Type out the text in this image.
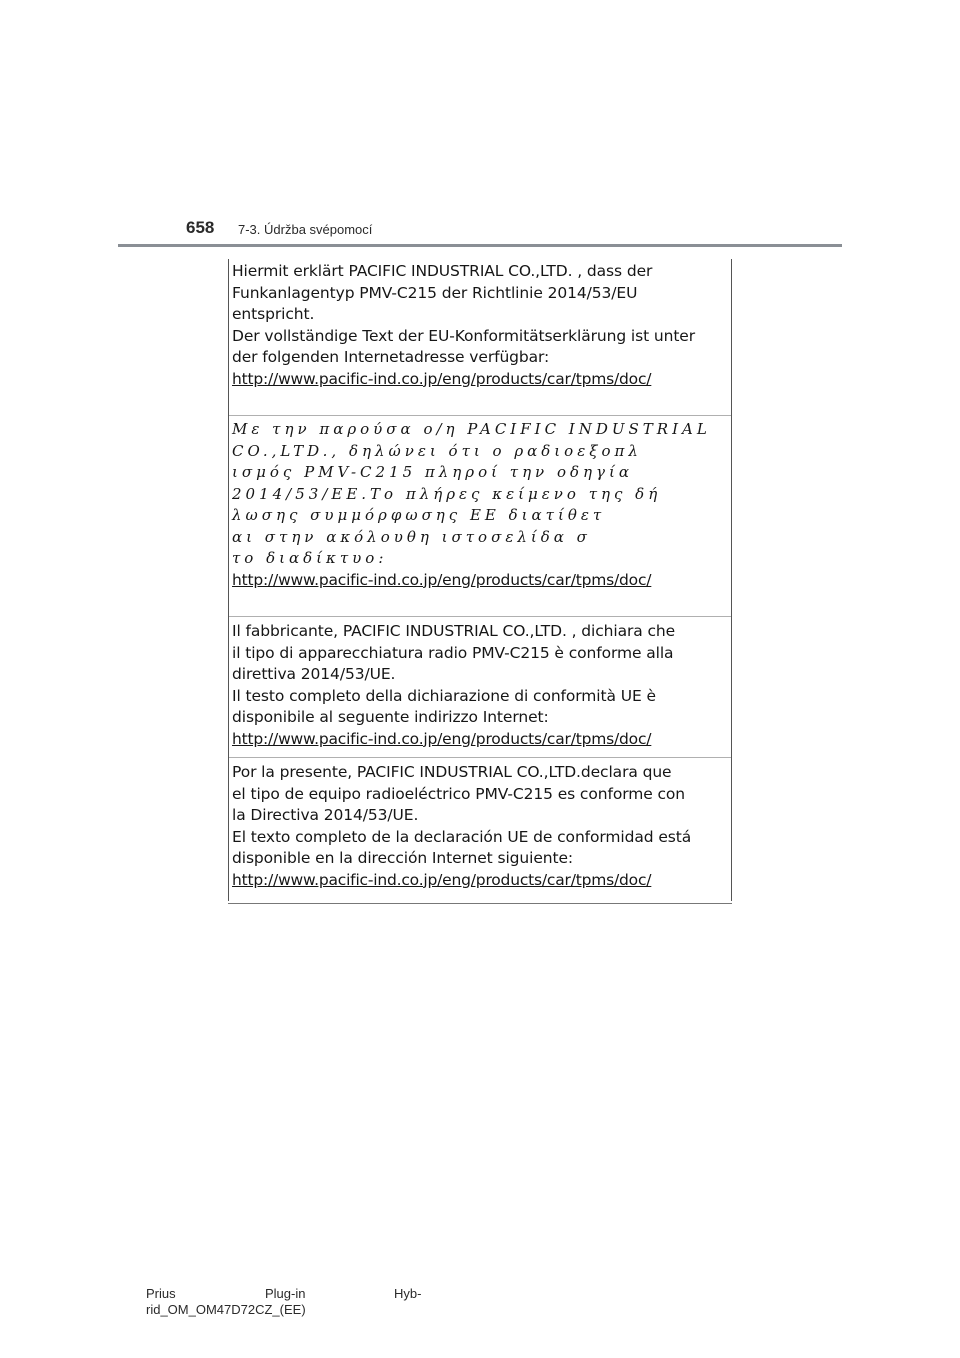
658 7-3. Údržba svépomocí
Hiermit erklärt PACIFIC INDUSTRIAL CO.,LTD. , dass der
Funkanlagentyp PMV-C215 der Richtlinie 2014/53/EU
entspricht.
Der vollständige Text der EU-Konformitätserklärung ist unter
der folgenden Internetadresse verfügbar:
http://www.pacific-ind.co.jp/eng/products/car/tpms/doc/
Με την παρούσα ο/η PACIFIC INDUSTRIAL
CO.,LTD., δηλώνει ότι ο ραδιοεξοπλ
ισμός PMV-C215 πληροί την οδηγία
2014/53/ΕΕ.Το πλήρες κείμενο της δή
λωσης συμμόρφωσης ΕΕ διατίθετ
αι στην ακόλουθη ιστοσελίδα σ
το διαδίκτυο:
http://www.pacific-ind.co.jp/eng/products/car/tpms/doc/
Il fabbricante, PACIFIC INDUSTRIAL CO.,LTD. , dichiara che
il tipo di apparecchiatura radio PMV-C215 è conforme alla
direttiva 2014/53/UE.
Il testo completo della dichiarazione di conformità UE è
disponibile al seguente indirizzo Internet:
http://www.pacific-ind.co.jp/eng/products/car/tpms/doc/
Por la presente, PACIFIC INDUSTRIAL CO.,LTD.declara que
el tipo de equipo radioeléctrico PMV-C215 es conforme con
la Directiva 2014/53/UE.
El texto completo de la declaración UE de conformidad está
disponible en la dirección Internet siguiente:
http://www.pacific-ind.co.jp/eng/products/car/tpms/doc/
Prius	Plug-in	Hyb-
rid_OM_OM47D72CZ_(EE)
